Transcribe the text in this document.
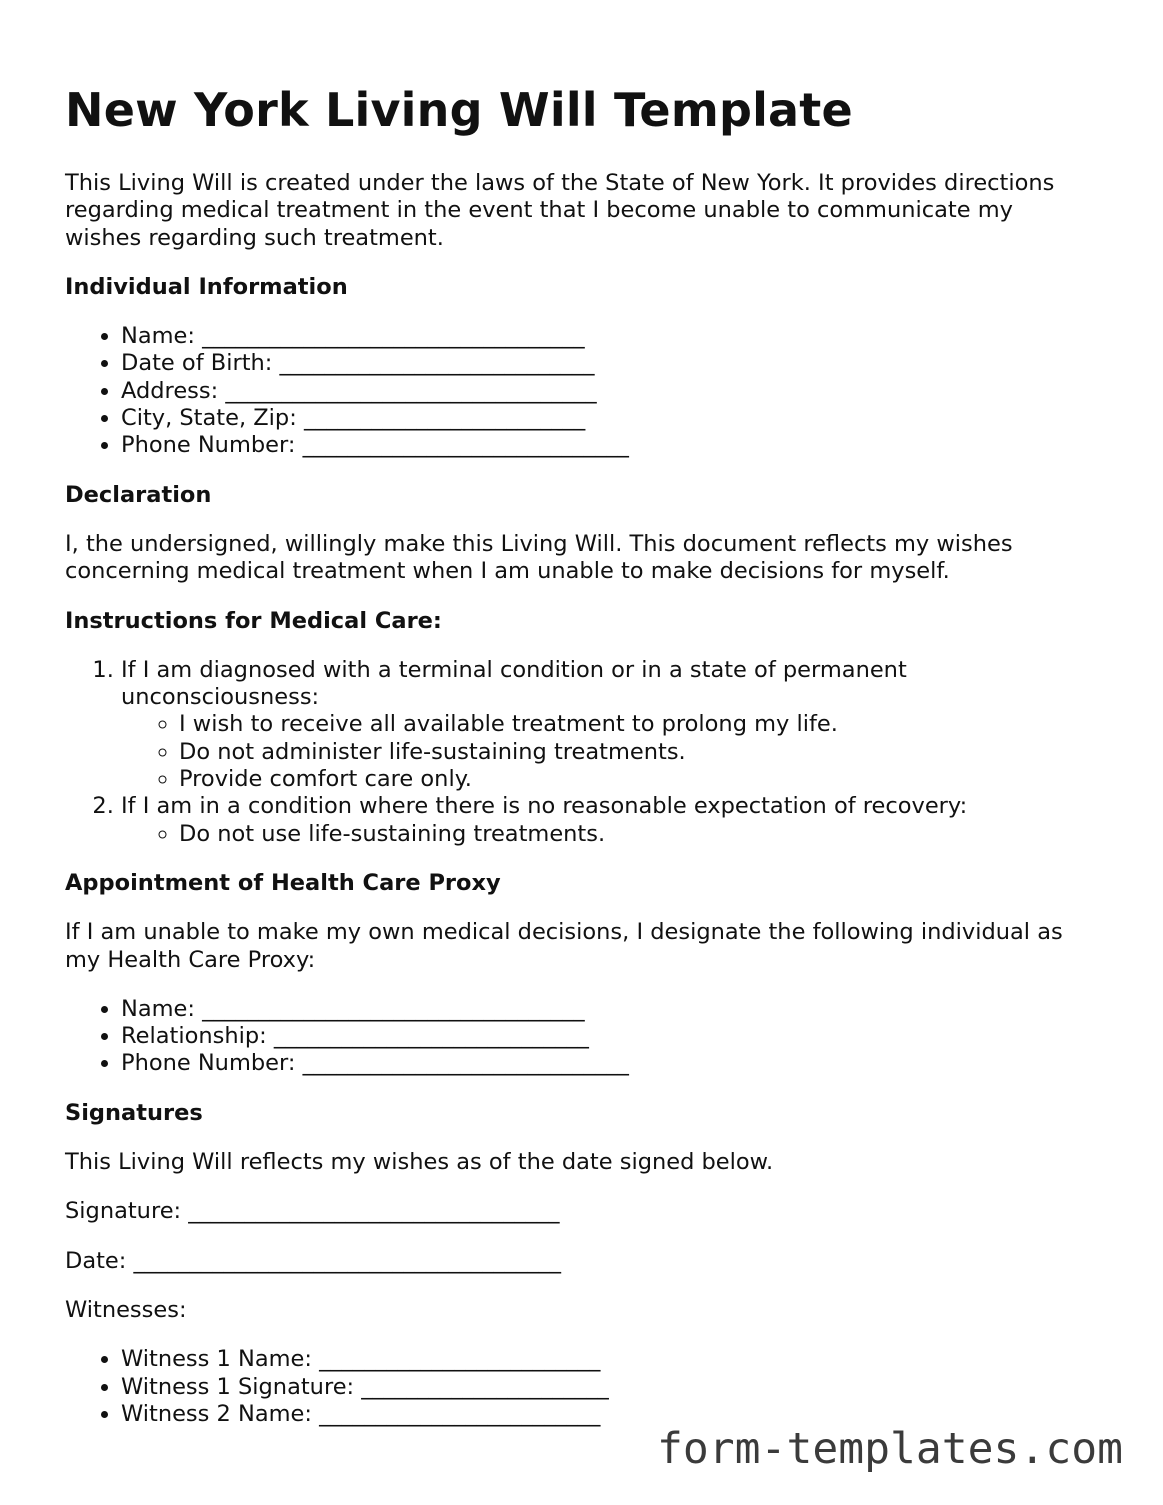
New York Living Will Template

This Living Will is created under the laws of the State of New York. It provides directions regarding medical treatment in the event that I become unable to communicate my wishes regarding such treatment.

Individual Information
• Name: __________________________________
• Date of Birth: ____________________________
• Address: _________________________________
• City, State, Zip: _________________________
• Phone Number: _____________________________
Declaration

I, the undersigned, willingly make this Living Will. This document reflects my wishes concerning medical treatment when I am unable to make decisions for myself.

Instructions for Medical Care:
1. If I am diagnosed with a terminal condition or in a state of permanent unconsciousness:
◦ I wish to receive all available treatment to prolong my life.
◦ Do not administer life-sustaining treatments.
◦ Provide comfort care only.
2. If I am in a condition where there is no reasonable expectation of recovery:
◦ Do not use life-sustaining treatments.
Appointment of Health Care Proxy

If I am unable to make my own medical decisions, I designate the following individual as my Health Care Proxy:

• Name: __________________________________
• Relationship: ____________________________
• Phone Number: _____________________________
Signatures

This Living Will reflects my wishes as of the date signed below.

Signature: _________________________________

Date: ______________________________________

Witnesses:

• Witness 1 Name: _________________________
• Witness 1 Signature: ______________________
• Witness 2 Name: _________________________
form-templates.com
